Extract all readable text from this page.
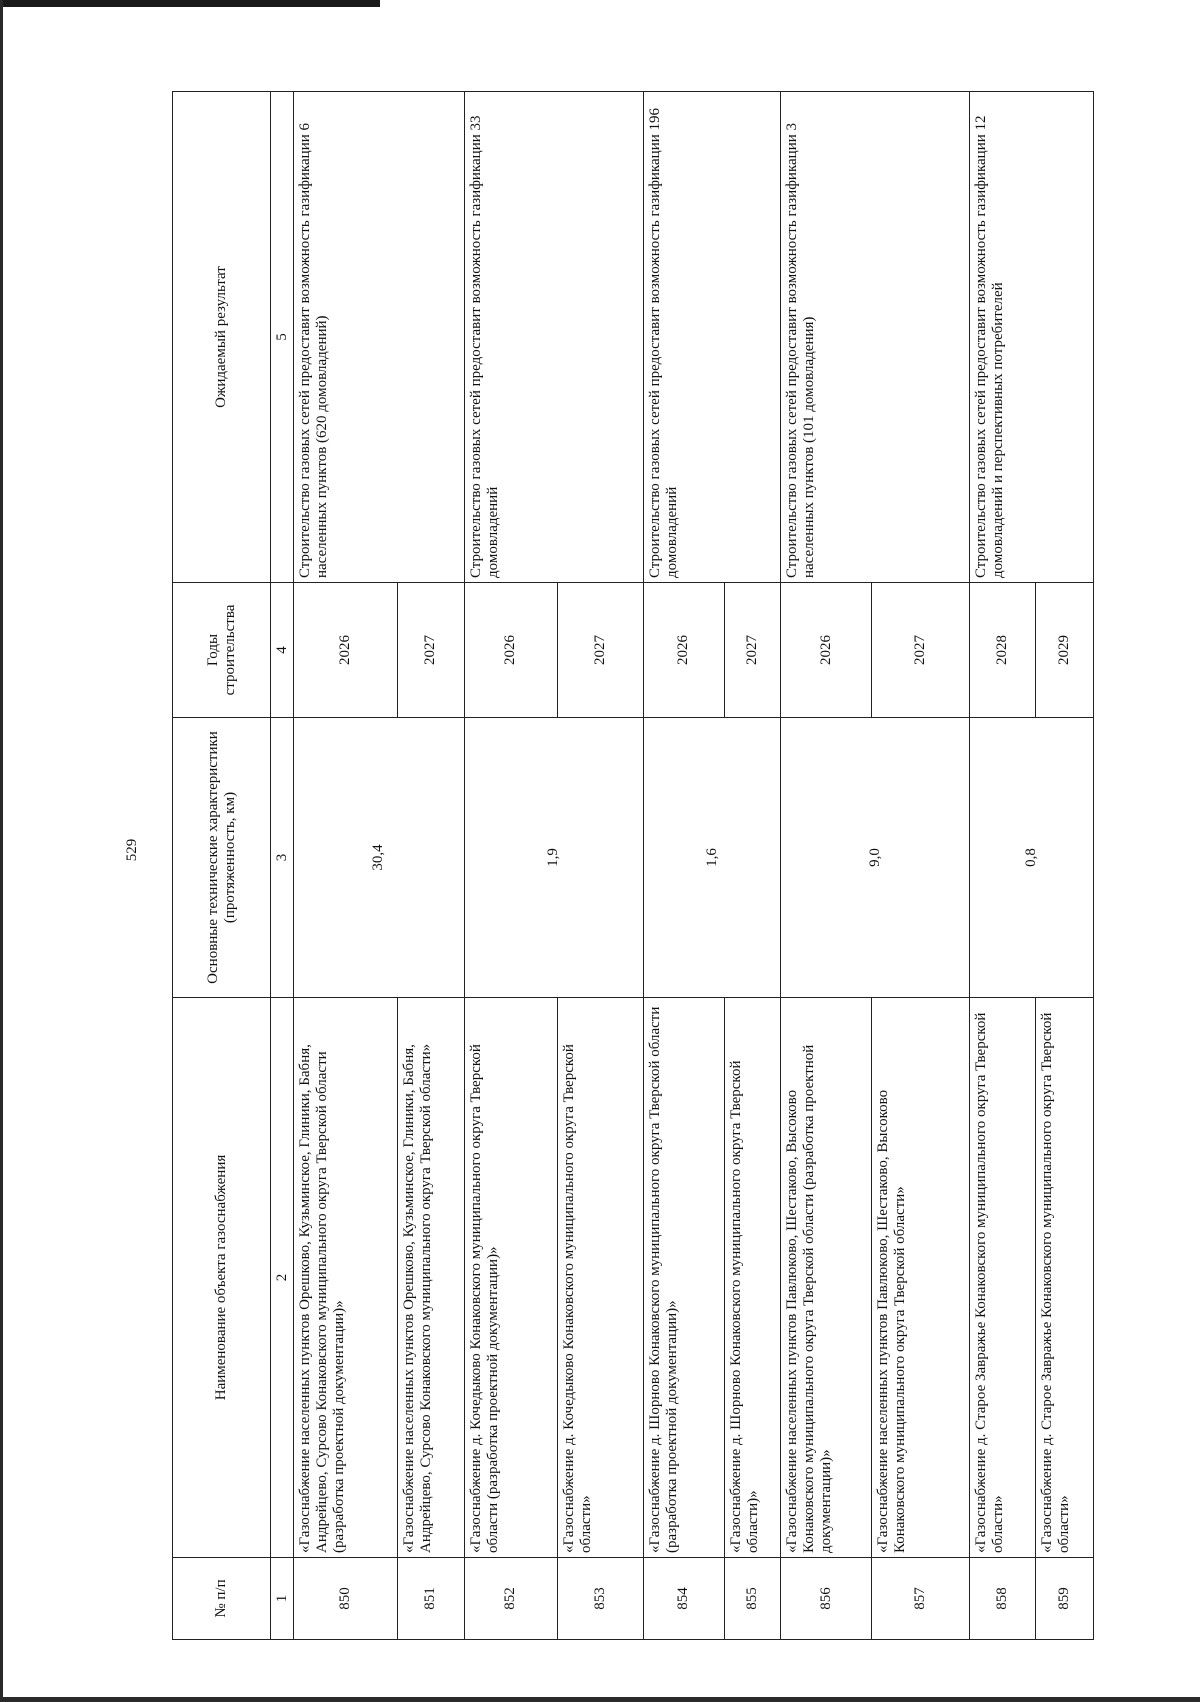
529
№ п/п	Наименование объекта газоснабжения	Основные технические характеристики (протяженность, км)	Годы строительства	Ожидаемый результат
1	2	3	4	5
850	«Газоснабжение населенных пунктов Орешково, Кузьминское, Глиники, Бабня, Андрейцево, Сурсово Конаковского муниципального округа Тверской области (разработка проектной документации)»	30,4	2026	Строительство газовых сетей предоставит возможность газификации 6 населенных пунктов (620 домовладений)
851	«Газоснабжение населенных пунктов Орешково, Кузьминское, Глиники, Бабня, Андрейцево, Сурсово Конаковского муниципального округа Тверской области»		2027	
852	«Газоснабжение д. Кочедыково Конаковского муниципального округа Тверской области (разработка проектной документации)»	1,9	2026	Строительство газовых сетей предоставит возможность газификации 33 домовладений
853	«Газоснабжение д. Кочедыково Конаковского муниципального округа Тверской области»		2027	
854	«Газоснабжение д. Шорново Конаковского муниципального округа Тверской области (разработка проектной документации)»	1,6	2026	Строительство газовых сетей предоставит возможность газификации 196 домовладений
855	«Газоснабжение д. Шорново Конаковского муниципального округа Тверской области)»		2027	
856	«Газоснабжение населенных пунктов Павлюково, Шестаково, Высоково Конаковского муниципального округа Тверской области (разработка проектной документации)»	9,0	2026	Строительство газовых сетей предоставит возможность газификации 3 населенных пунктов (101 домовладения)
857	«Газоснабжение населенных пунктов Павлюково, Шестаково, Высоково Конаковского муниципального округа Тверской области»		2027	
858	«Газоснабжение д. Старое Завражье Конаковского муниципального округа Тверской области»	0,8	2028	Строительство газовых сетей предоставит возможность газификации 12 домовладений и перспективных потребителей
859	«Газоснабжение д. Старое Завражье Конаковского муниципального округа Тверской области»		2029	
